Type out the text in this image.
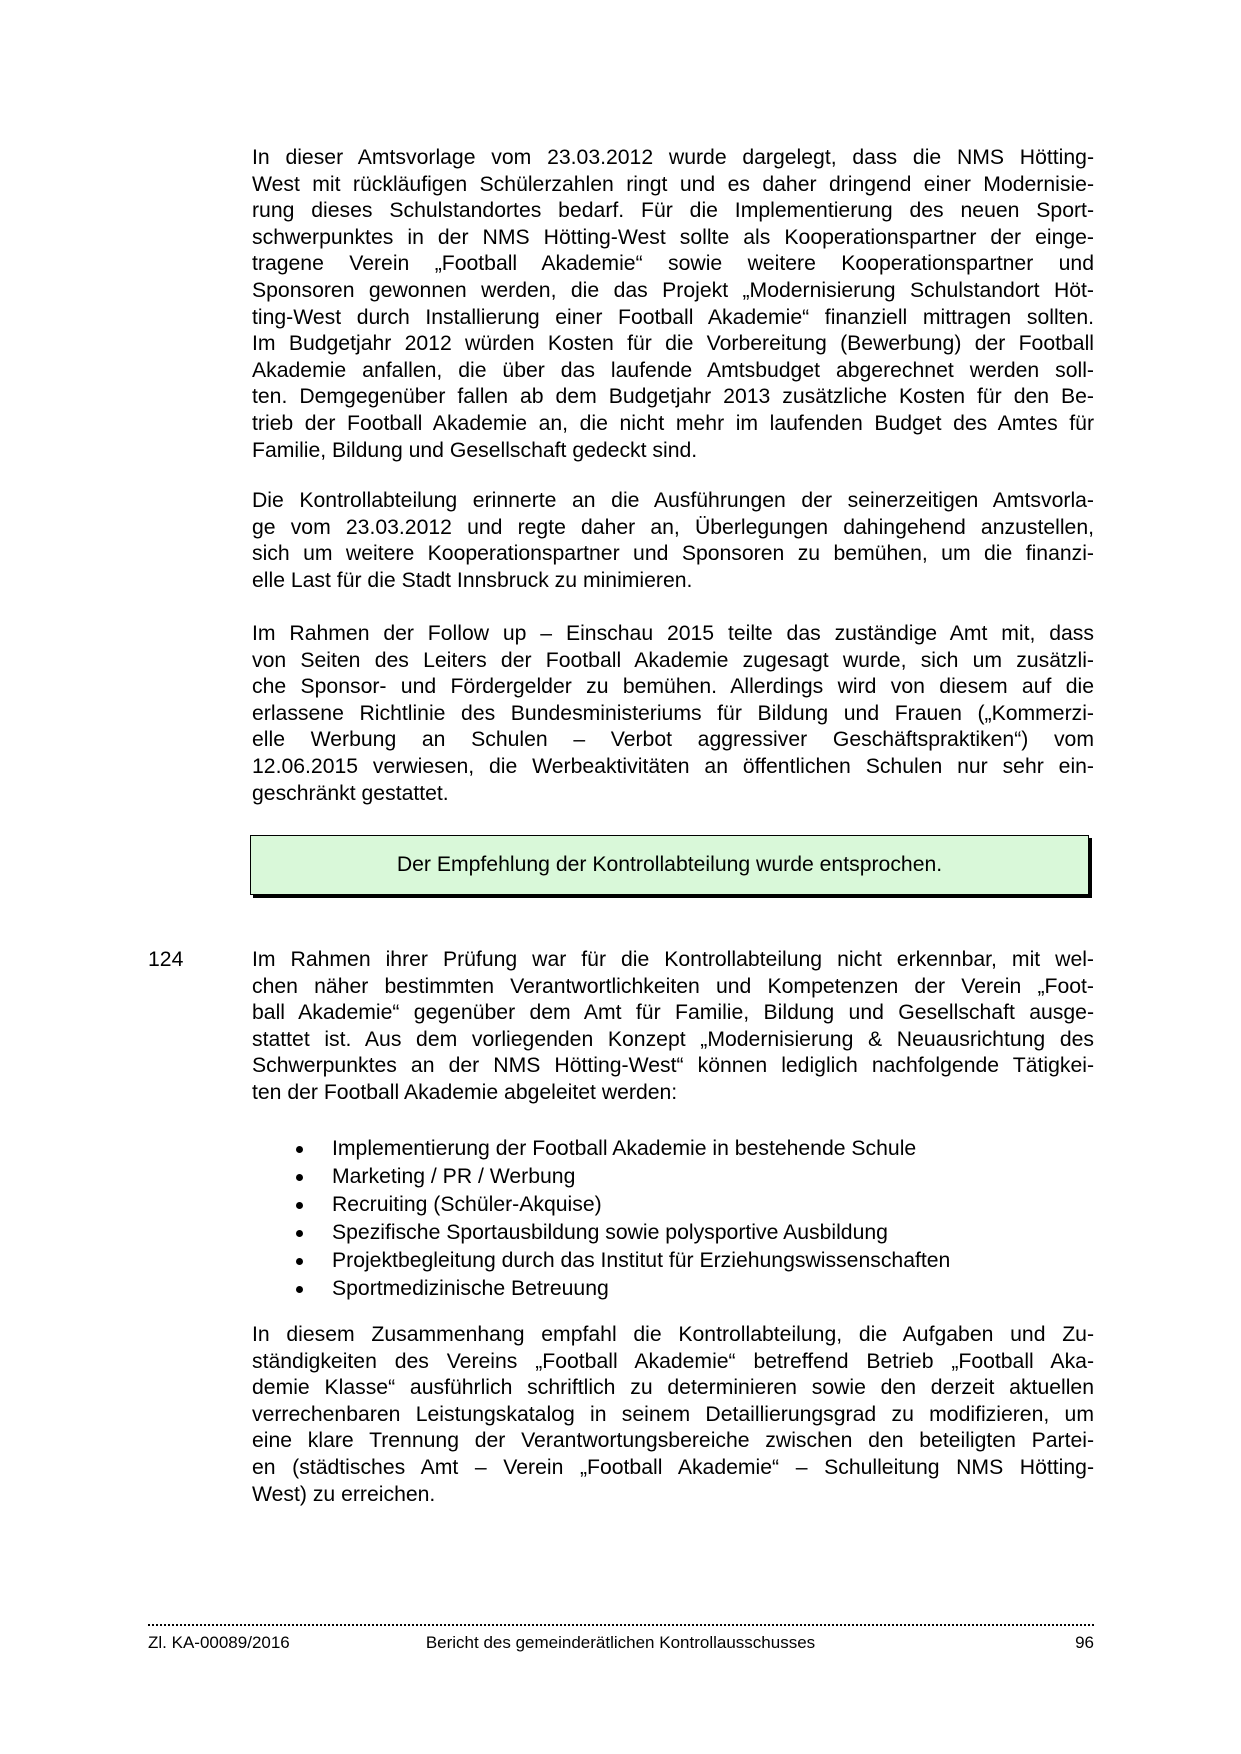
In dieser Amtsvorlage vom 23.03.2012 wurde dargelegt, dass die NMS Hötting-
West mit rückläufigen Schülerzahlen ringt und es daher dringend einer Modernisie-
rung dieses Schulstandortes bedarf. Für die Implementierung des neuen Sport-
schwerpunktes in der NMS Hötting-West sollte als Kooperationspartner der einge-
tragene Verein „Football Akademie“ sowie weitere Kooperationspartner und
Sponsoren gewonnen werden, die das Projekt „Modernisierung Schulstandort Höt-
ting-West durch Installierung einer Football Akademie“ finanziell mittragen sollten.
Im Budgetjahr 2012 würden Kosten für die Vorbereitung (Bewerbung) der Football
Akademie anfallen, die über das laufende Amtsbudget abgerechnet werden soll-
ten. Demgegenüber fallen ab dem Budgetjahr 2013 zusätzliche Kosten für den Be-
trieb der Football Akademie an, die nicht mehr im laufenden Budget des Amtes für
Familie, Bildung und Gesellschaft gedeckt sind.
Die Kontrollabteilung erinnerte an die Ausführungen der seinerzeitigen Amtsvorla-
ge vom 23.03.2012 und regte daher an, Überlegungen dahingehend anzustellen,
sich um weitere Kooperationspartner und Sponsoren zu bemühen, um die finanzi-
elle Last für die Stadt Innsbruck zu minimieren.
Im Rahmen der Follow up – Einschau 2015 teilte das zuständige Amt mit, dass
von Seiten des Leiters der Football Akademie zugesagt wurde, sich um zusätzli-
che Sponsor- und Fördergelder zu bemühen. Allerdings wird von diesem auf die
erlassene Richtlinie des Bundesministeriums für Bildung und Frauen („Kommerzi-
elle Werbung an Schulen – Verbot aggressiver Geschäftspraktiken“) vom
12.06.2015 verwiesen, die Werbeaktivitäten an öffentlichen Schulen nur sehr ein-
geschränkt gestattet.
Der Empfehlung der Kontrollabteilung wurde entsprochen.
124	Im Rahmen ihrer Prüfung war für die Kontrollabteilung nicht erkennbar, mit wel-
chen näher bestimmten Verantwortlichkeiten und Kompetenzen der Verein „Foot-
ball Akademie“ gegenüber dem Amt für Familie, Bildung und Gesellschaft ausge-
stattet ist. Aus dem vorliegenden Konzept „Modernisierung & Neuausrichtung des
Schwerpunktes an der NMS Hötting-West“ können lediglich nachfolgende Tätigkei-
ten der Football Akademie abgeleitet werden:
Implementierung der Football Akademie in bestehende Schule
Marketing / PR / Werbung
Recruiting (Schüler-Akquise)
Spezifische Sportausbildung sowie polysportive Ausbildung
Projektbegleitung durch das Institut für Erziehungswissenschaften
Sportmedizinische Betreuung
In diesem Zusammenhang empfahl die Kontrollabteilung, die Aufgaben und Zu-
ständigkeiten des Vereins „Football Akademie“ betreffend Betrieb „Football Aka-
demie Klasse“ ausführlich schriftlich zu determinieren sowie den derzeit aktuellen
verrechenbaren Leistungskatalog in seinem Detaillierungsgrad zu modifizieren, um
eine klare Trennung der Verantwortungsbereiche zwischen den beteiligten Partei-
en (städtisches Amt – Verein „Football Akademie“ – Schulleitung NMS Hötting-
West) zu erreichen.
Bericht des gemeinderätlichen Kontrollausschusses
Zl. KA-00089/2016	96
